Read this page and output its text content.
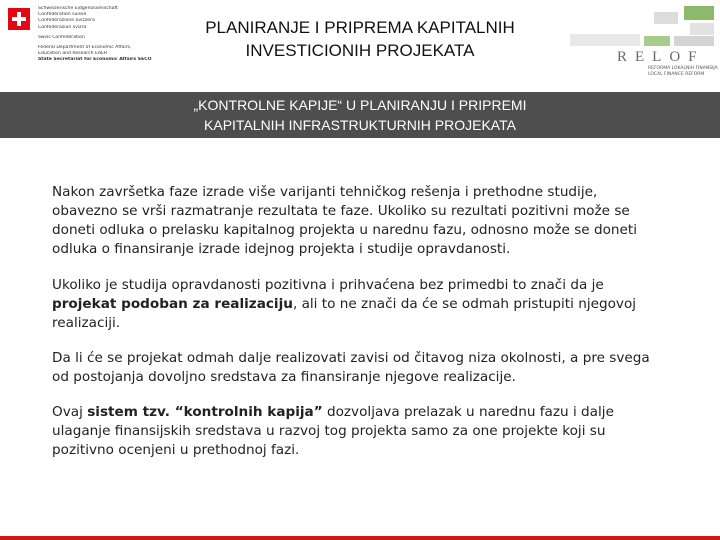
Schweizerische Eidgenossenschaft
Confédération suisse
Confederazione Svizzera
Confederaziun svizra
Swiss Confederation
Federal Department of Economic Affairs,
Education and Research EAER
State Secretariat for Economic Affairs SECO
PLANIRANJE I PRIPREMA KAPITALNIH
INVESTICIONIH PROJEKATA	RELOF
REFORMA LOKALNIH FINANSIJA
LOCAL FINANCE REFORM
„KONTROLNE KAPIJE“ U PLANIRANJU I PRIPREMI
KAPITALNIH INFRASTRUKTURNIH PROJEKATA

Nakon završetka faze izrade više varijanti tehničkog rešenja i prethodne studije, obavezno se vrši razmatranje rezultata te faze. Ukoliko su rezultati pozitivni može se doneti odluka o prelasku kapitalnog projekta u narednu fazu, odnosno može se doneti odluka o finansiranje izrade idejnog projekta i studije opravdanosti.

Ukoliko je studija opravdanosti pozitivna i prihvaćena bez primedbi to znači da je projekat podoban za realizaciju, ali to ne znači da će se odmah pristupiti njegovoj realizaciji.

Da li će se projekat odmah dalje realizovati zavisi od čitavog niza okolnosti, a pre svega od postojanja dovoljno sredstava za finansiranje njegove realizacije.

Ovaj sistem tzv. “kontrolnih kapija” dozvoljava prelazak u narednu fazu i dalje ulaganje finansijskih sredstava u razvoj tog projekta samo za one projekte koji su pozitivno ocenjeni u prethodnoj fazi.
